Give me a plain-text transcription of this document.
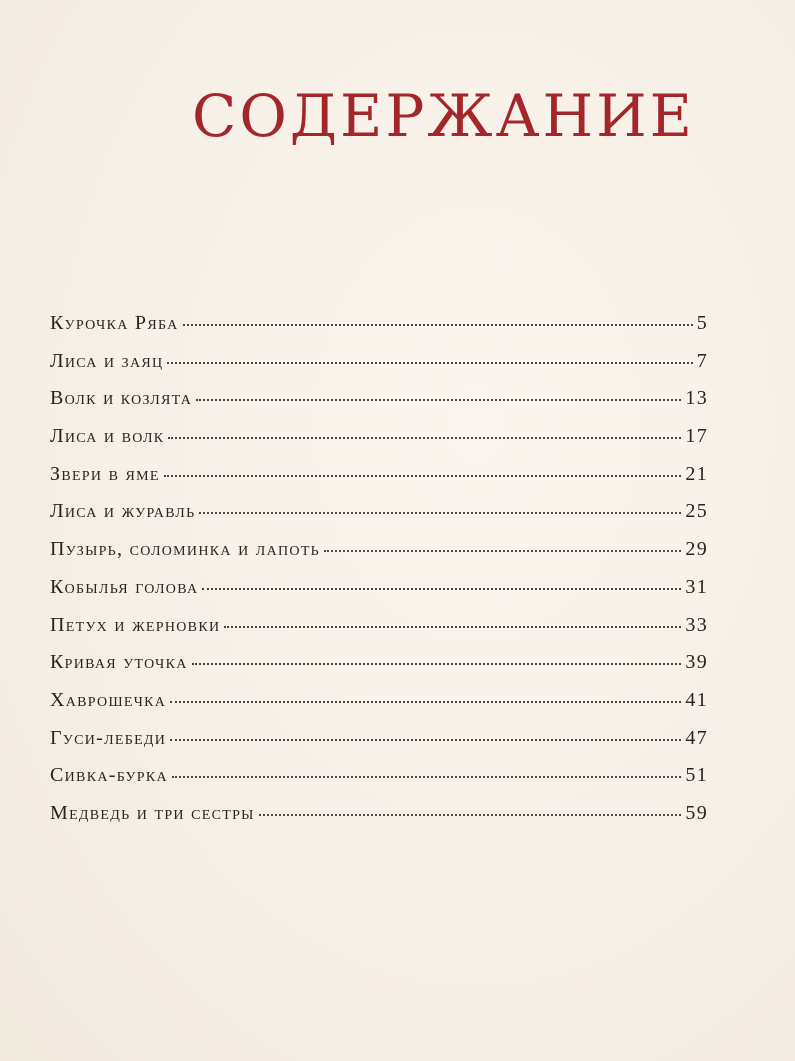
СОДЕРЖАНИЕ
Курочка Ряба	5
Лиса и заяц	7
Волк и козлята	13
Лиса и волк	17
Звери в яме	21
Лиса и журавль	25
Пузырь, соломинка и лапоть	29
Кобылья голова	31
Петух и жерновки	33
Кривая уточка	39
Хаврошечка	41
Гуси-лебеди	47
Сивка-бурка	51
Медведь и три сестры	59
